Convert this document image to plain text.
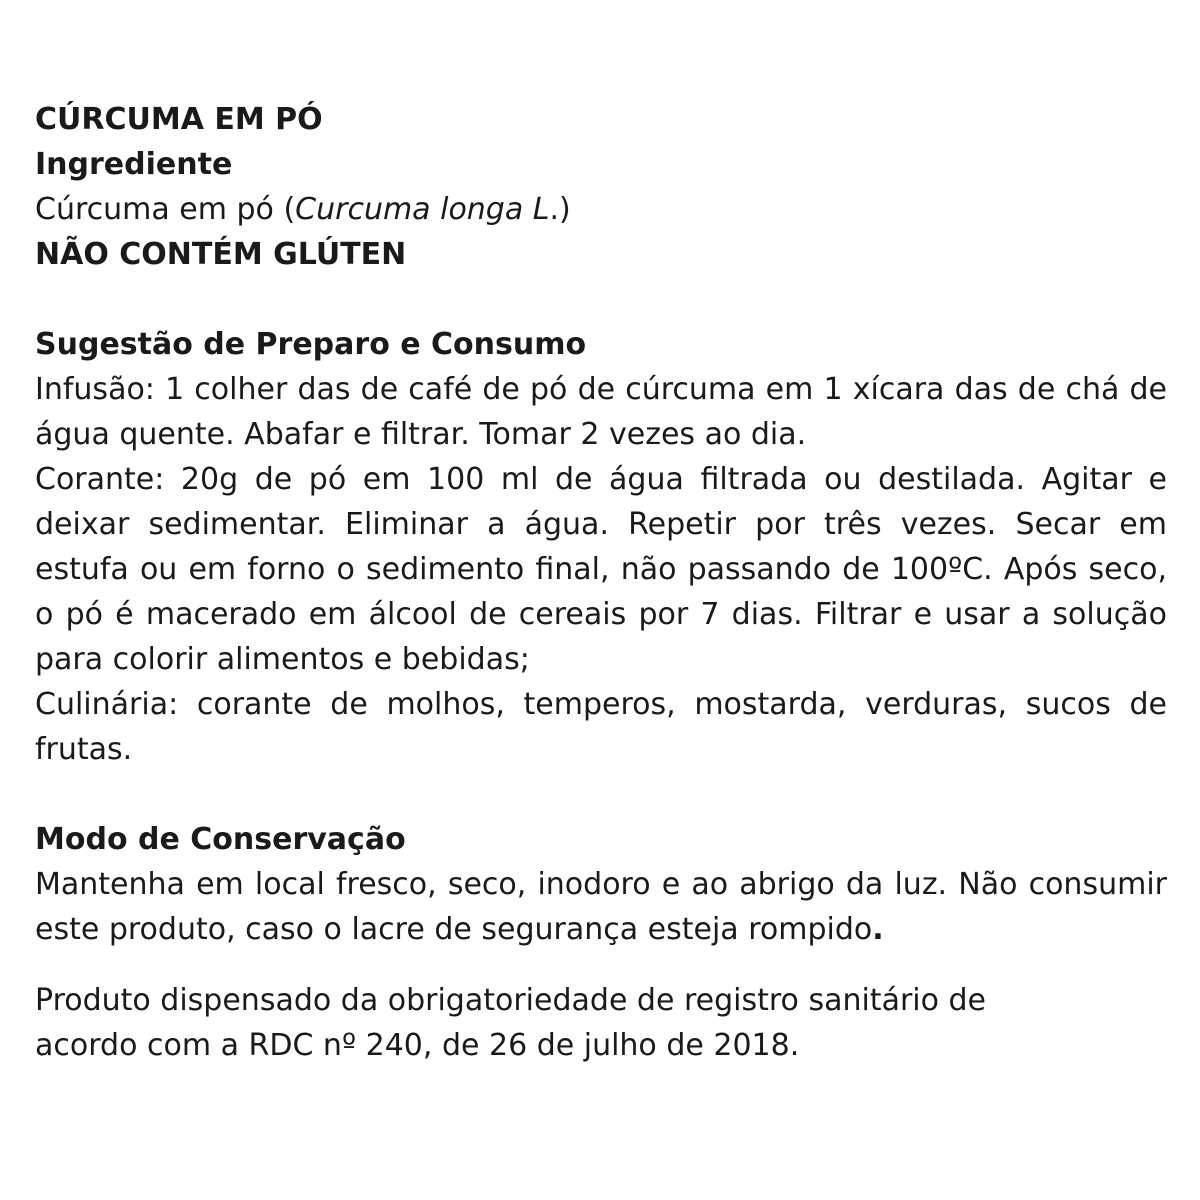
CÚRCUMA EM PÓ
Ingrediente
Cúrcuma em pó (Curcuma longa L.)
NÃO CONTÉM GLÚTEN
Sugestão de Preparo e Consumo

Infusão: 1 colher das de café de pó de cúrcuma em 1 xícara das de chá de água quente. Abafar e filtrar. Tomar 2 vezes ao dia.

Corante: 20g de pó em 100 ml de água filtrada ou destilada. Agitar e deixar sedimentar. Eliminar a água. Repetir por três vezes. Secar em estufa ou em forno o sedimento final, não passando de 100ºC. Após seco, o pó é macerado em álcool de cereais por 7 dias. Filtrar e usar a solução para colorir alimentos e bebidas;

Culinária: corante de molhos, temperos, mostarda, verduras, sucos de frutas.

Modo de Conservação

Mantenha em local fresco, seco, inodoro e ao abrigo da luz. Não consumir este produto, caso o lacre de segurança esteja rompido.

Produto dispensado da obrigatoriedade de registro sanitário de
acordo com a RDC nº 240, de 26 de julho de 2018.
